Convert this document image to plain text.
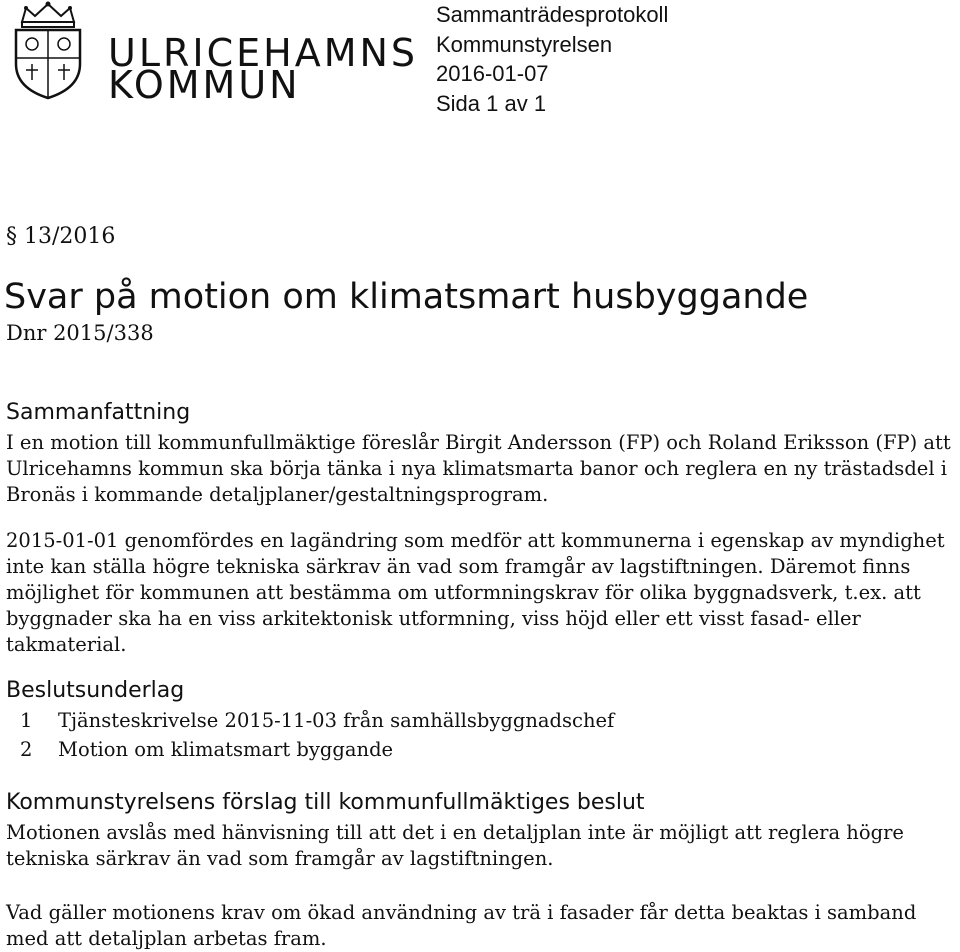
ULRICEHAMNS
KOMMUN
Sammanträdesprotokoll
Kommunstyrelsen
2016-01-07
Sida 1 av 1
§ 13/2016
Svar på motion om klimatsmart husbyggande
Dnr 2015/338
Sammanfattning

I en motion till kommunfullmäktige föreslår Birgit Andersson (FP) och Roland Eriksson (FP) att Ulricehamns kommun ska börja tänka i nya klimatsmarta banor och reglera en ny trästadsdel i Bronäs i kommande detaljplaner/gestaltningsprogram.

2015-01-01 genomfördes en lagändring som medför att kommunerna i egenskap av myndighet inte kan ställa högre tekniska särkrav än vad som framgår av lagstiftningen. Däremot finns möjlighet för kommunen att bestämma om utformningskrav för olika byggnadsverk, t.ex. att byggnader ska ha en viss arkitektonisk utformning, viss höjd eller ett visst fasad- eller takmaterial.

Beslutsunderlag
1 Tjänsteskrivelse 2015-11-03 från samhällsbyggnadschef
2 Motion om klimatsmart byggande
Kommunstyrelsens förslag till kommunfullmäktiges beslut

Motionen avslås med hänvisning till att det i en detaljplan inte är möjligt att reglera högre tekniska särkrav än vad som framgår av lagstiftningen.

Vad gäller motionens krav om ökad användning av trä i fasader får detta beaktas i samband med att detaljplan arbetas fram.
